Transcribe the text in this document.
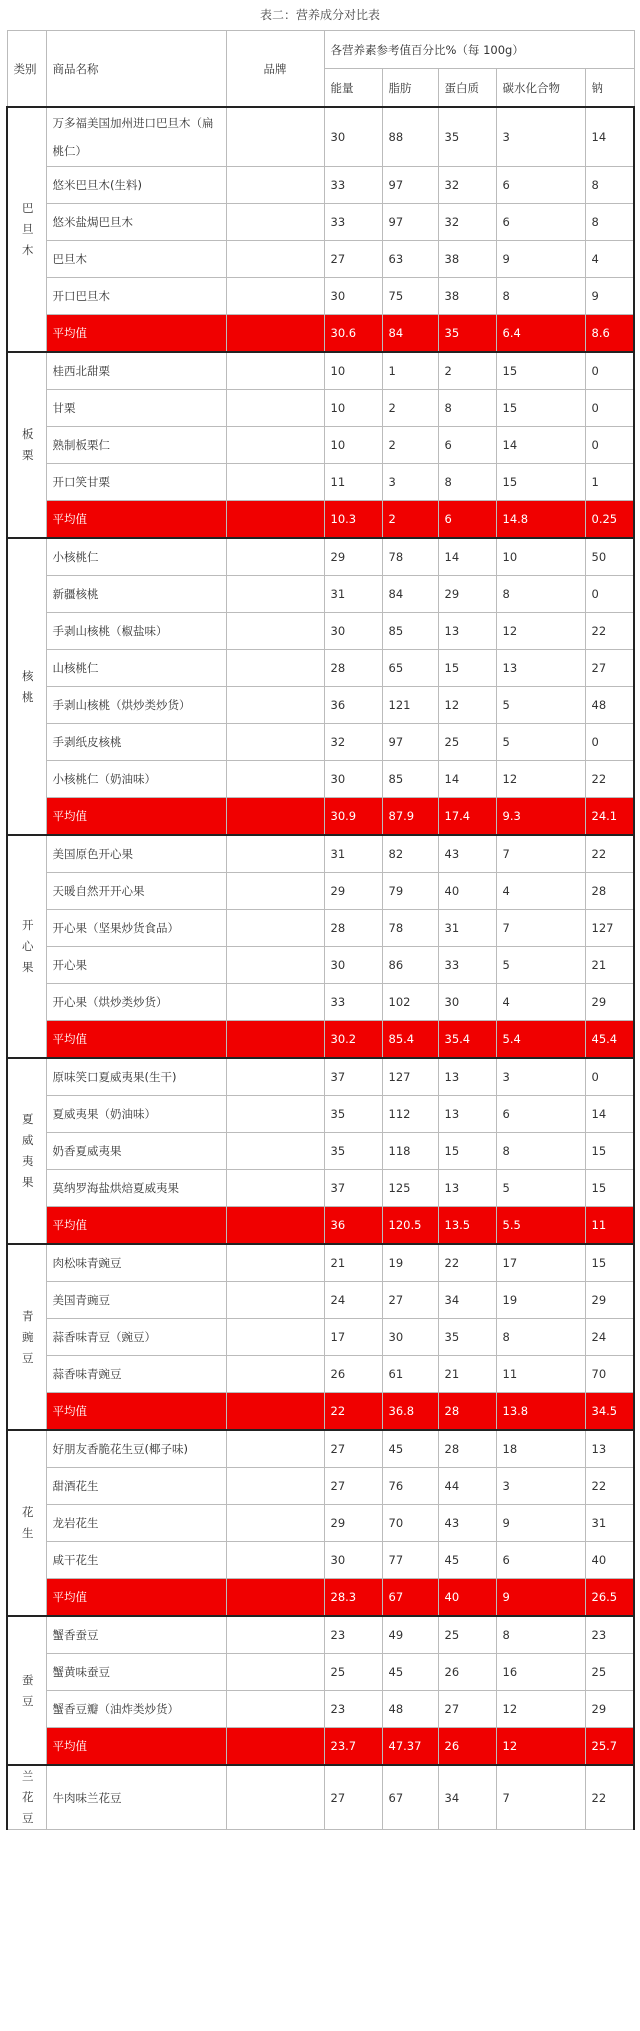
表二：营养成分对比表
类别	商品名称	品牌	各营养素参考值百分比%（每 100g）				
			能量	脂肪	蛋白质	碳水化合物	钠
巴旦木	万多福美国加州进口巴旦木（扁桃仁）		30	88	35	3	14
	悠米巴旦木(生料)		33	97	32	6	8
	悠米盐焗巴旦木		33	97	32	6	8
	巴旦木		27	63	38	9	4
	开口巴旦木		30	75	38	8	9
	平均值		30.6	84	35	6.4	8.6
板栗	桂西北甜栗		10	1	2	15	0
	甘栗		10	2	8	15	0
	熟制板栗仁		10	2	6	14	0
	开口笑甘栗		11	3	8	15	1
	平均值		10.3	2	6	14.8	0.25
核桃	小核桃仁		29	78	14	10	50
	新疆核桃		31	84	29	8	0
	手剥山核桃（椒盐味）		30	85	13	12	22
	山核桃仁		28	65	15	13	27
	手剥山核桃（烘炒类炒货）		36	121	12	5	48
	手剥纸皮核桃		32	97	25	5	0
	小核桃仁（奶油味）		30	85	14	12	22
	平均值		30.9	87.9	17.4	9.3	24.1
开心果	美国原色开心果		31	82	43	7	22
	天暖自然开开心果		29	79	40	4	28
	开心果（坚果炒货食品）		28	78	31	7	127
	开心果		30	86	33	5	21
	开心果（烘炒类炒货）		33	102	30	4	29
	平均值		30.2	85.4	35.4	5.4	45.4
夏威夷果	原味笑口夏威夷果(生干)		37	127	13	3	0
	夏威夷果（奶油味）		35	112	13	6	14
	奶香夏威夷果		35	118	15	8	15
	莫纳罗海盐烘焙夏威夷果		37	125	13	5	15
	平均值		36	120.5	13.5	5.5	11
青豌豆	肉松味青豌豆		21	19	22	17	15
	美国青豌豆		24	27	34	19	29
	蒜香味青豆（豌豆）		17	30	35	8	24
	蒜香味青豌豆		26	61	21	11	70
	平均值		22	36.8	28	13.8	34.5
花生	好朋友香脆花生豆(椰子味)		27	45	28	18	13
	甜酒花生		27	76	44	3	22
	龙岩花生		29	70	43	9	31
	咸干花生		30	77	45	6	40
	平均值		28.3	67	40	9	26.5
蚕豆	蟹香蚕豆		23	49	25	8	23
	蟹黄味蚕豆		25	45	26	16	25
	蟹香豆瓣（油炸类炒货）		23	48	27	12	29
	平均值		23.7	47.37	26	12	25.7
兰花豆	牛肉味兰花豆		27	67	34	7	22
